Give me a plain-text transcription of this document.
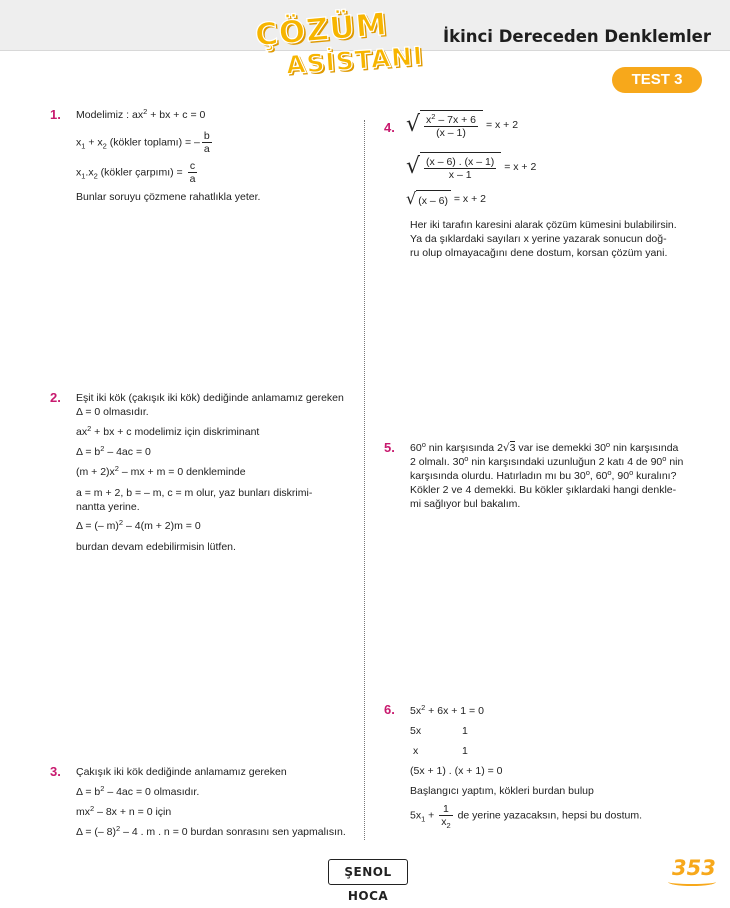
ÇÖZÜM
ASİSTANI
İkinci Dereceden Denklemler
TEST 3
1. Modelimiz : $ax^2$ + bx + c = 0
$x_1 + x_2$ (kökler toplamı) = – $\frac{b}{a}$
$x_1.x_2$ (kökler çarpımı) = $\frac{c}{a}$
Bunlar soruyu çözmene rahatlıkla yeter.
2. Eşit iki kök (çakışık iki kök) dediğinde anlamamız gereken
Δ = 0 olmasıdır.
$ax^2$ + bx + c modelimiz için diskriminant
$\Delta = b^2 - 4ac = 0$
$(m + 2)x^2$ – mx + m = 0 denkleminde
a = m + 2, b = – m, c = m olur, yaz bunları diskrimi-
nantta yerine.
Δ = (– m)$^2$ – 4(m + 2)m = 0
burdan devam edebilirmisin lütfen.
3. Çakışık iki kök dediğinde anlamamız gereken
$\Delta = b^2 - 4ac = 0$ olmasıdır.
$mx^2 - 8x + n = 0$ için
Δ = (– 8)$^2$ – 4 . m . n = 0 burdan sonrasını sen yapmalısın.
4. √ $\frac{x^2 - 7x + 6}{(x - 1)} = x + 2$
√ $\frac{(x - 6) . (x - 1)}{x - 1} = x + 2$
√ (x – 6) = x + 2
Her iki tarafın karesini alarak çözüm kümesini bulabilirsin.
Ya da şıklardaki sayıları x yerine yazarak sonucun doğ-
ru olup olmayacağını dene dostum, korsan çözüm yani.
5. 60$^o$ nin karşısında 2√3 var ise demekki 30$^o$ nin karşısında
2 olmalı. 30$^o$ nin karşısındaki uzunluğun 2 katı 4 de 90$^o$ nin
karşısında olurdu. Hatırladın mı bu 30$^o$, 60$^o$, 90$^o$ kuralını?
Kökler 2 ve 4 demekki. Bu kökler şıklardaki hangi denkle-
mi sağlıyor bul bakalım.
6. $5x^2 + 6x + 1 = 0$
5x	1
x	1
(5x + 1) . (x + 1) = 0
Başlangıcı yaptım, kökleri burdan bulup
$5x_1 + \frac{1}{x_2}$ de yerine yazacaksın, hepsi bu dostum.
ŞENOL HOCA
353
